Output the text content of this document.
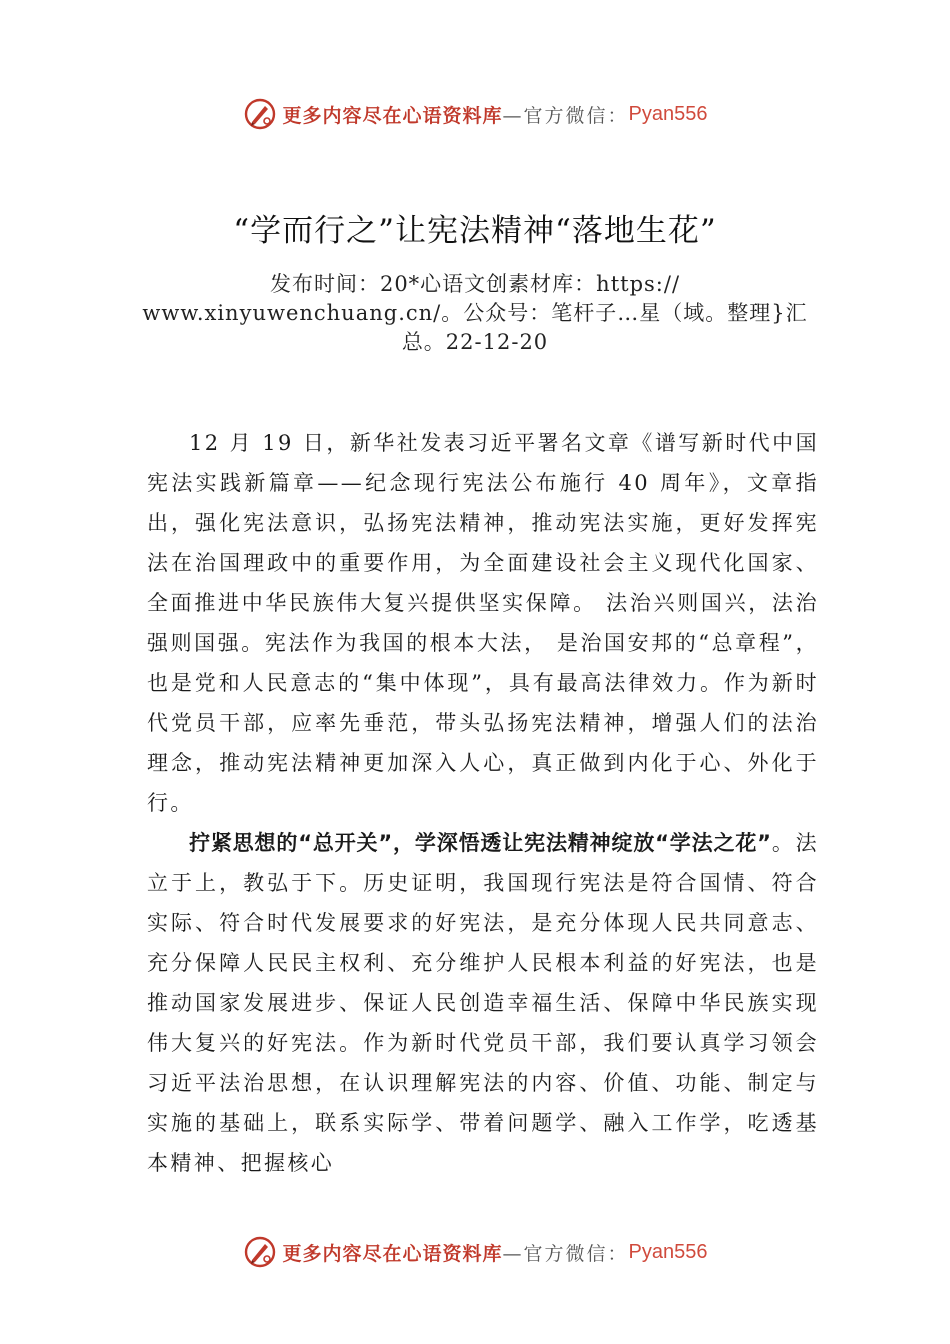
更多内容尽在心语资料库 —官方微信： Pyan556
“学而行之”让宪法精神“落地生花”
发布时间：20*心语文创素材库：https:// www.xinyuwenchuang.cn/。公众号：笔杆子…星（域。整理}汇总。22-12-20

12 月 19 日，新华社发表习近平署名文章《谱写新时代中国宪法实践新篇章——纪念现行宪法公布施行 40 周年》，文章指出，强化宪法意识，弘扬宪法精神，推动宪法实施，更好发挥宪法在治国理政中的重要作用，为全面建设社会主义现代化国家、全面推进中华民族伟大复兴提供坚实保障。 法治兴则国兴，法治强则国强。宪法作为我国的根本大法， 是治国安邦的“总章程”，也是党和人民意志的“集中体现”，具有最高法律效力。作为新时代党员干部，应率先垂范，带头弘扬宪法精神，增强人们的法治理念，推动宪法精神更加深入人心，真正做到内化于心、外化于行。

拧紧思想的“总开关”，学深悟透让宪法精神绽放“学法之花”。法立于上，教弘于下。历史证明，我国现行宪法是符合国情、符合实际、符合时代发展要求的好宪法，是充分体现人民共同意志、充分保障人民民主权利、充分维护人民根本利益的好宪法，也是推动国家发展进步、保证人民创造幸福生活、保障中华民族实现伟大复兴的好宪法。作为新时代党员干部，我们要认真学习领会习近平法治思想，在认识理解宪法的内容、价值、功能、制定与实施的基础上，联系实际学、带着问题学、融入工作学，吃透基本精神、把握核心

更多内容尽在心语资料库 —官方微信： Pyan556
